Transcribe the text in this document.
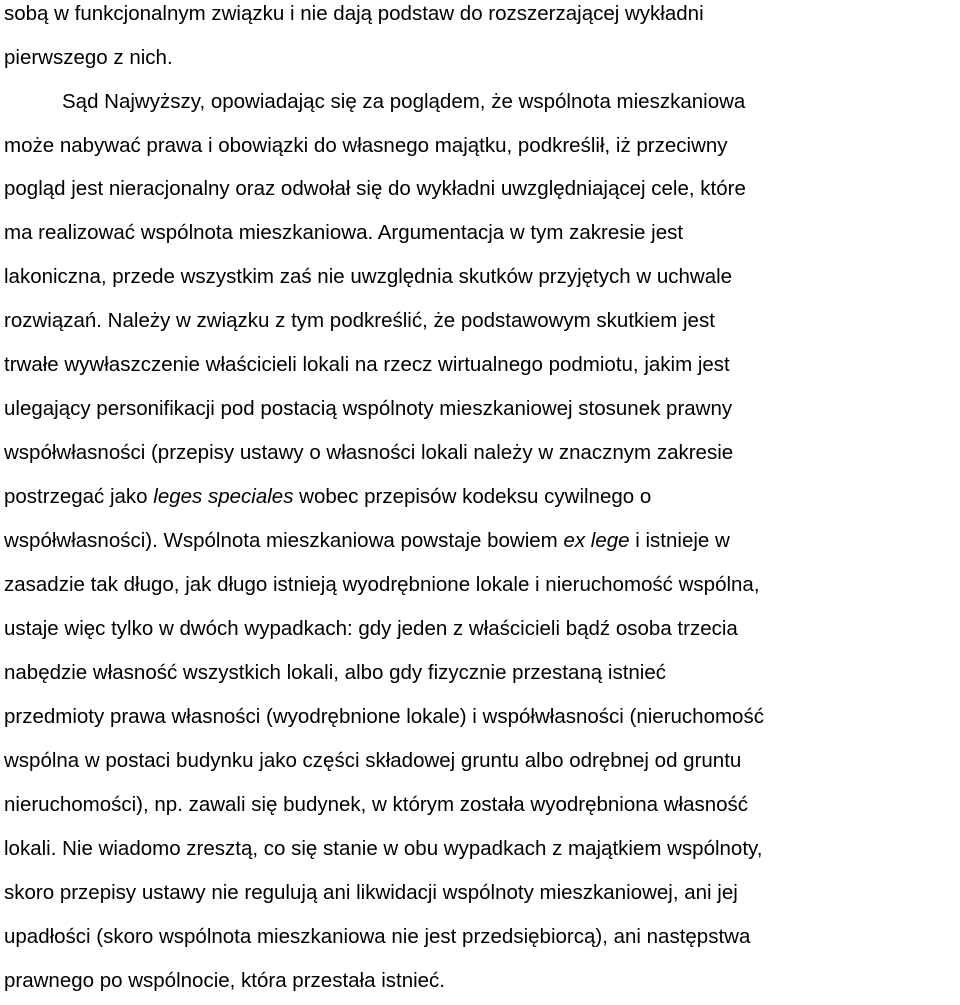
sobą w funkcjonalnym związku i nie dają podstaw do rozszerzającej wykładni
pierwszego z nich.
Sąd Najwyższy, opowiadając się za poglądem, że wspólnota mieszkaniowa
może nabywać prawa i obowiązki do własnego majątku, podkreślił, iż przeciwny
pogląd jest nieracjonalny oraz odwołał się do wykładni uwzględniającej cele, które
ma realizować wspólnota mieszkaniowa. Argumentacja w tym zakresie jest
lakoniczna, przede wszystkim zaś nie uwzględnia skutków przyjętych w uchwale
rozwiązań. Należy w związku z tym podkreślić, że podstawowym skutkiem jest
trwałe wywłaszczenie właścicieli lokali na rzecz wirtualnego podmiotu, jakim jest
ulegający personifikacji pod postacią wspólnoty mieszkaniowej stosunek prawny
współwłasności (przepisy ustawy o własności lokali należy w znacznym zakresie
postrzegać jako leges speciales wobec przepisów kodeksu cywilnego o
współwłasności). Wspólnota mieszkaniowa powstaje bowiem ex lege i istnieje w
zasadzie tak długo, jak długo istnieją wyodrębnione lokale i nieruchomość wspólna,
ustaje więc tylko w dwóch wypadkach: gdy jeden z właścicieli bądź osoba trzecia
nabędzie własność wszystkich lokali, albo gdy fizycznie przestaną istnieć
przedmioty prawa własności (wyodrębnione lokale) i współwłasności (nieruchomość
wspólna w postaci budynku jako części składowej gruntu albo odrębnej od gruntu
nieruchomości), np. zawali się budynek, w którym została wyodrębniona własność
lokali. Nie wiadomo zresztą, co się stanie w obu wypadkach z majątkiem wspólnoty,
skoro przepisy ustawy nie regulują ani likwidacji wspólnoty mieszkaniowej, ani jej
upadłości (skoro wspólnota mieszkaniowa nie jest przedsiębiorcą), ani następstwa
prawnego po wspólnocie, która przestała istnieć.
